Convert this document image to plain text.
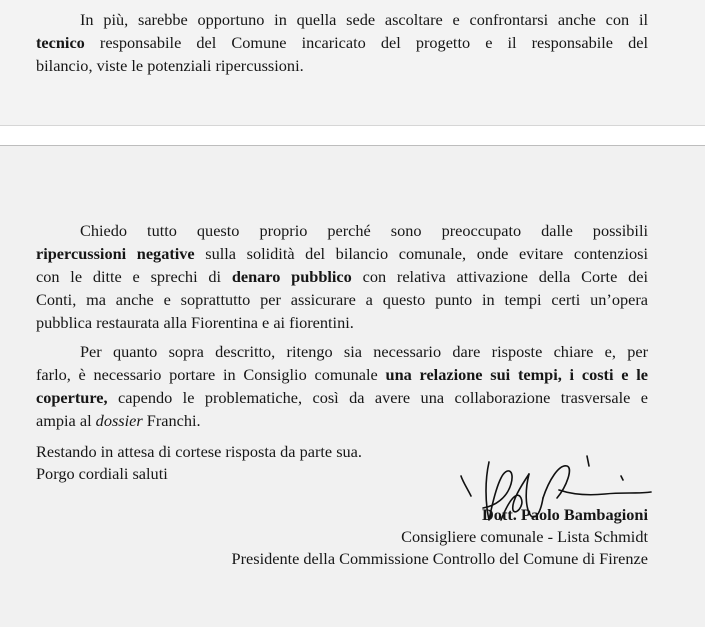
In più, sarebbe opportuno in quella sede ascoltare e confrontarsi anche con il
tecnico responsabile del Comune incaricato del progetto e il responsabile del
bilancio, viste le potenziali ripercussioni.

Chiedo tutto questo proprio perché sono preoccupato dalle possibili
ripercussioni negative sulla solidità del bilancio comunale, onde evitare contenziosi
con le ditte e sprechi di denaro pubblico con relativa attivazione della Corte dei
Conti, ma anche e soprattutto per assicurare a questo punto in tempi certi un’opera
pubblica restaurata alla Fiorentina e ai fiorentini.

Per quanto sopra descritto, ritengo sia necessario dare risposte chiare e, per
farlo, è necessario portare in Consiglio comunale una relazione sui tempi, i costi e le
coperture, capendo le problematiche, così da avere una collaborazione trasversale e
ampia al dossier Franchi.

Restando in attesa di cortese risposta da parte sua.
Porgo cordiali saluti
Dott. Paolo Bambagioni
Consigliere comunale - Lista Schmidt
Presidente della Commissione Controllo del Comune di Firenze
